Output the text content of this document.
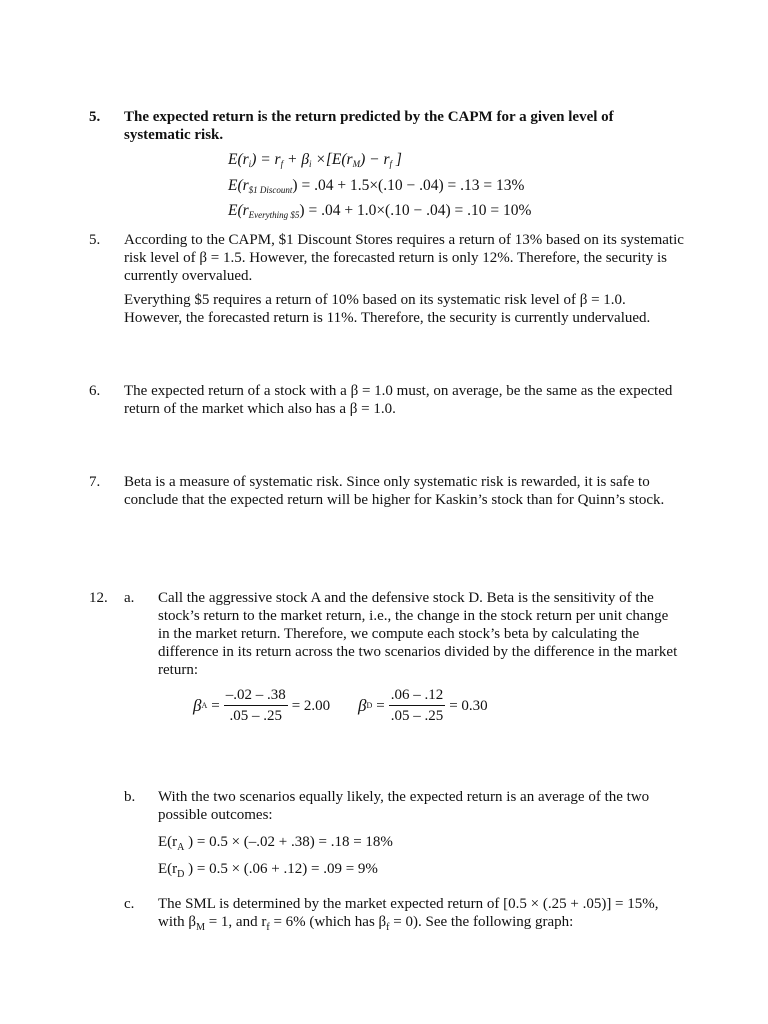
5. The expected return is the return predicted by the CAPM for a given level of systematic risk.

$E(r_i) = r_f + \beta_i \times[E(r_M) - r_f$ ]
$E(r_{\$1 Discount}) = .04 + 1.5\times(.10 - .04) = .13 = 13\%$
$E(r_{Everything \$5}) = .04 + 1.0\times(.10 - .04) = .10 = 10\%$
5. According to the CAPM, $1 Discount Stores requires a return of 13% based on its systematic risk level of β = 1.5. However, the forecasted return is only 12%. Therefore, the security is currently overvalued.

Everything $5 requires a return of 10% based on its systematic risk level of β = 1.0. However, the forecasted return is 11%. Therefore, the security is currently undervalued.

6. The expected return of a stock with a β = 1.0 must, on average, be the same as the expected return of the market which also has a β = 1.0.

7. Beta is a measure of systematic risk. Since only systematic risk is rewarded, it is safe to conclude that the expected return will be higher for Kaskin’s stock than for Quinn’s stock.

12. a. Call the aggressive stock A and the defensive stock D. Beta is the sensitivity of the stock’s return to the market return, i.e., the change in the stock return per unit change in the market return. Therefore, we compute each stock’s beta by calculating the difference in its return across the two scenarios divided by the difference in the market return:

β $A = \frac{-.02 - .38}{.05 - .25} = 2.00$ β $D = \frac{.06 - .12}{.05 - .25} = 0.30$
b. With the two scenarios equally likely, the expected return is an average of the two possible outcomes:

$E(r_A$ ) = 0.5 × (–.02 + .38) = .18 = 18%
$E(r_D$ ) = 0.5 × (.06 + .12) = .09 = 9%
c. The SML is determined by the market expected return of [0.5 × (.25 + .05)] = 15%,

with $\beta_M = 1$, and $r_f = 6\%$ (which has $\beta_f = 0$). See the following graph:
